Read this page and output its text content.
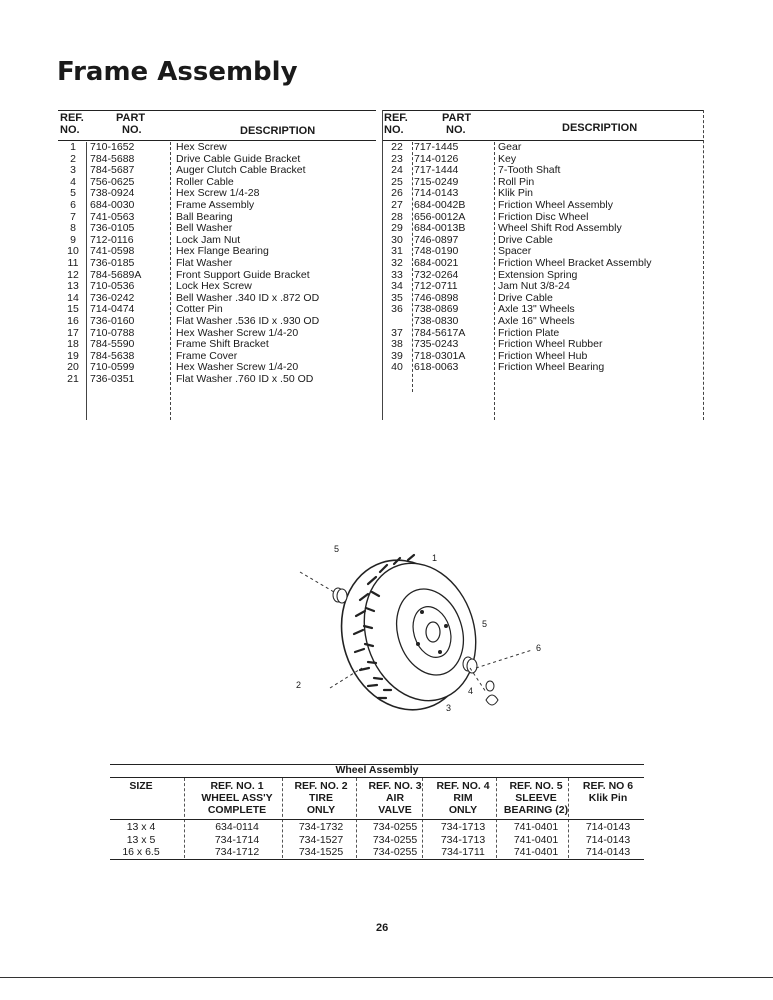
Frame Assembly
REF.
NO.
PART
NO.	DESCRIPTION
1	710-1652	Hex Screw
2	784-5688	Drive Cable Guide Bracket
3	784-5687	Auger Clutch Cable Bracket
4	756-0625	Roller Cable
5	738-0924	Hex Screw 1/4-28
6	684-0030	Frame Assembly
7	741-0563	Ball Bearing
8	736-0105	Bell Washer
9	712-0116	Lock Jam Nut
10	741-0598	Hex Flange Bearing
11	736-0185	Flat Washer
12	784-5689A	Front Support Guide Bracket
13	710-0536	Lock Hex Screw
14	736-0242	Bell Washer .340 ID x .872 OD
15	714-0474	Cotter Pin
16	736-0160	Flat Washer .536 ID x .930 OD
17	710-0788	Hex Washer Screw 1/4-20
18	784-5590	Frame Shift Bracket
19	784-5638	Frame Cover
20	710-0599	Hex Washer Screw 1/4-20
21	736-0351	Flat Washer .760 ID x .50 OD
REF.
NO.
PART
NO.	DESCRIPTION
22	717-1445	Gear
23	714-0126	Key
24	717-1444	7-Tooth Shaft
25	715-0249	Roll Pin
26	714-0143	Klik Pin
27	684-0042B	Friction Wheel Assembly
28	656-0012A	Friction Disc Wheel
29	684-0013B	Wheel Shift Rod Assembly
30	746-0897	Drive Cable
31	748-0190	Spacer
32	684-0021	Friction Wheel Bracket Assembly
33	732-0264	Extension Spring
34	712-0711	Jam Nut 3/8-24
35	746-0898	Drive Cable
36	738-0869	Axle 13" Wheels
738-0830	Axle 16" Wheels
37	784-5617A	Friction Plate
38	735-0243	Friction Wheel Rubber
39	718-0301A	Friction Wheel Hub
40	618-0063	Friction Wheel Bearing
5
1
5
6
2
4
3
Wheel Assembly
SIZE	REF. NO. 1
WHEEL ASS'Y
COMPLETE
REF. NO. 2
TIRE
ONLY
REF. NO. 3
AIR
VALVE
REF. NO. 4
RIM
ONLY
REF. NO. 5
SLEEVE
BEARING (2)
REF. NO 6
Klik Pin
13 x 4	634-0114	734-1732	734-0255	734-1713	741-0401	714-0143
13 x 5	734-1714	734-1527	734-0255	734-1713	741-0401	714-0143
16 x 6.5	734-1712	734-1525	734-0255	734-1711	741-0401	714-0143
26
